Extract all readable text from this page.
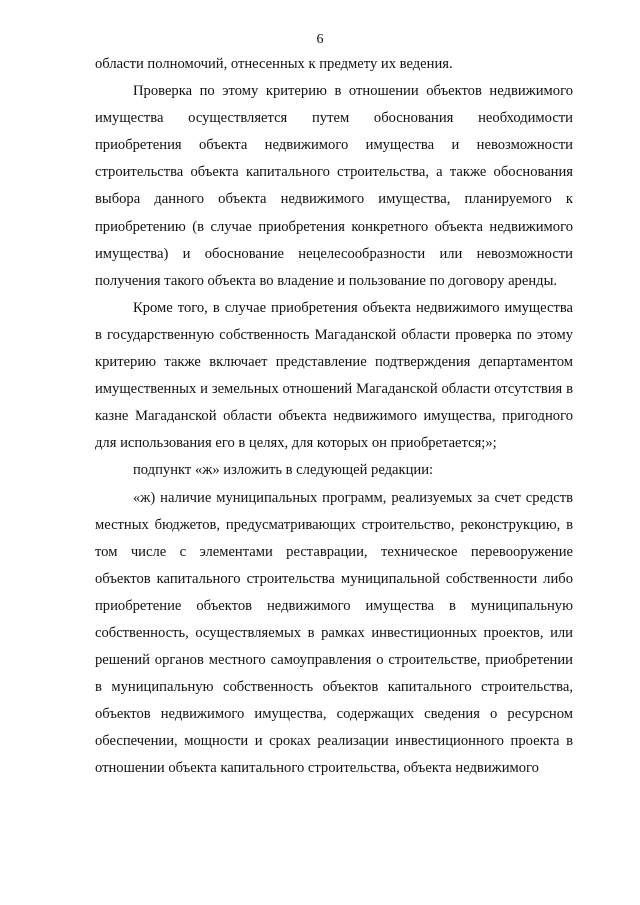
6

области полномочий, отнесенных к предмету их ведения.

Проверка по этому критерию в отношении объектов недвижимого имущества осуществляется путем обоснования необходимости приобретения объекта недвижимого имущества и невозможности строительства объекта капитального строительства, а также обоснования выбора данного объекта недвижимого имущества, планируемого к приобретению (в случае приобретения конкретного объекта недвижимого имущества) и обоснование нецелесообразности или невозможности получения такого объекта во владение и пользование по договору аренды.

Кроме того, в случае приобретения объекта недвижимого имущества в государственную собственность Магаданской области проверка по этому критерию также включает представление подтверждения департаментом имущественных и земельных отношений Магаданской области отсутствия в казне Магаданской области объекта недвижимого имущества, пригодного для использования его в целях, для которых он приобретается;»;

подпункт «ж» изложить в следующей редакции:

«ж) наличие муниципальных программ, реализуемых за счет средств местных бюджетов, предусматривающих строительство, реконструкцию, в том числе с элементами реставрации, техническое перевооружение объектов капитального строительства муниципальной собственности либо приобретение объектов недвижимого имущества в муниципальную собственность, осуществляемых в рамках инвестиционных проектов, или решений органов местного самоуправления о строительстве, приобретении в муниципальную собственность объектов капитального строительства, объектов недвижимого имущества, содержащих сведения о ресурсном обеспечении, мощности и сроках реализации инвестиционного проекта в отношении объекта капитального строительства, объекта недвижимого
